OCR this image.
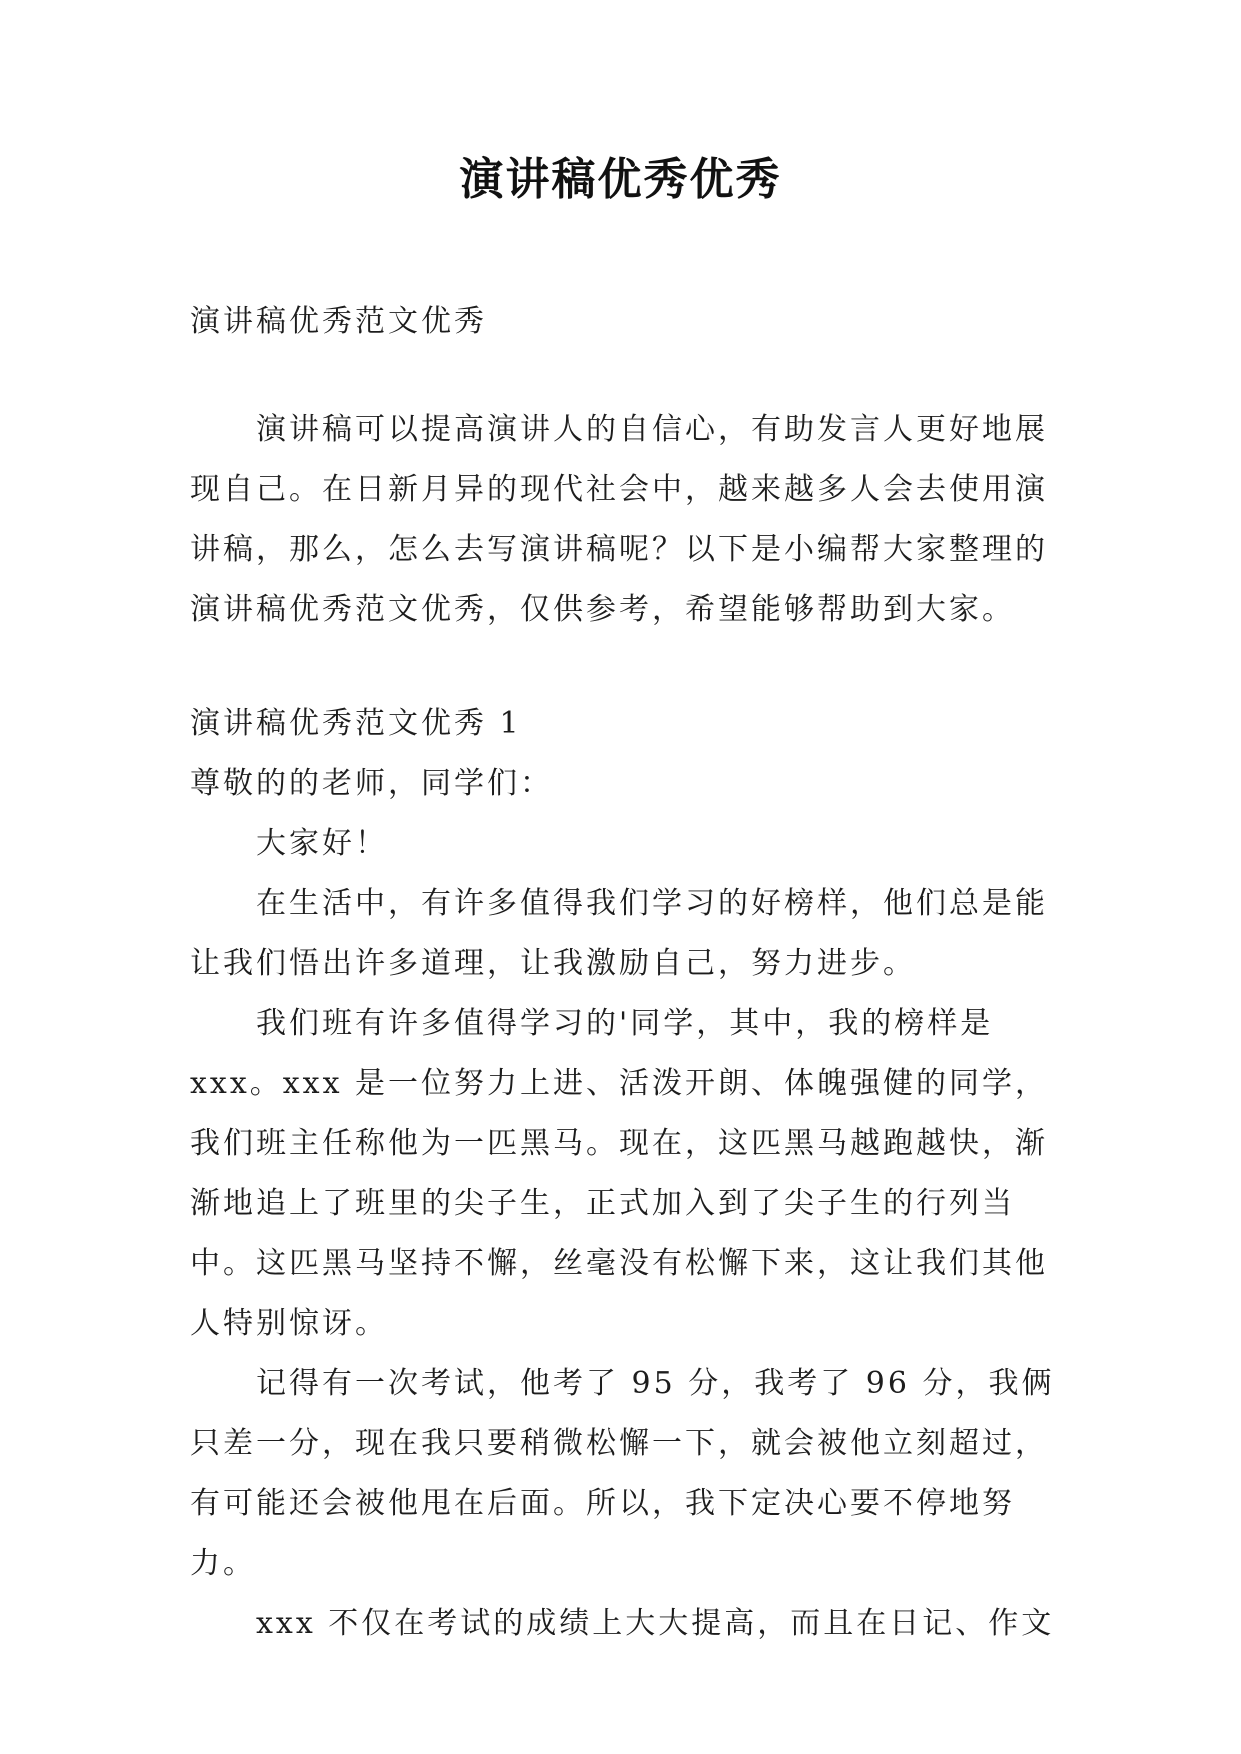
演讲稿优秀优秀

演讲稿优秀范文优秀

演讲稿可以提高演讲人的自信心，有助发言人更好地展现自己。在日新月异的现代社会中，越来越多人会去使用演讲稿，那么，怎么去写演讲稿呢？以下是小编帮大家整理的演讲稿优秀范文优秀，仅供参考，希望能够帮助到大家。

演讲稿优秀范文优秀 1

尊敬的的老师，同学们：

大家好！

在生活中，有许多值得我们学习的好榜样，他们总是能让我们悟出许多道理，让我激励自己，努力进步。

我们班有许多值得学习的'同学，其中，我的榜样是 xxx。xxx 是一位努力上进、活泼开朗、体魄强健的同学，我们班主任称他为一匹黑马。现在，这匹黑马越跑越快，渐渐地追上了班里的尖子生，正式加入到了尖子生的行列当中。这匹黑马坚持不懈，丝毫没有松懈下来，这让我们其他人特别惊讶。

记得有一次考试，他考了 95 分，我考了 96 分，我俩只差一分，现在我只要稍微松懈一下，就会被他立刻超过，有可能还会被他甩在后面。所以，我下定决心要不停地努力。

xxx 不仅在考试的成绩上大大提高，而且在日记、作文
